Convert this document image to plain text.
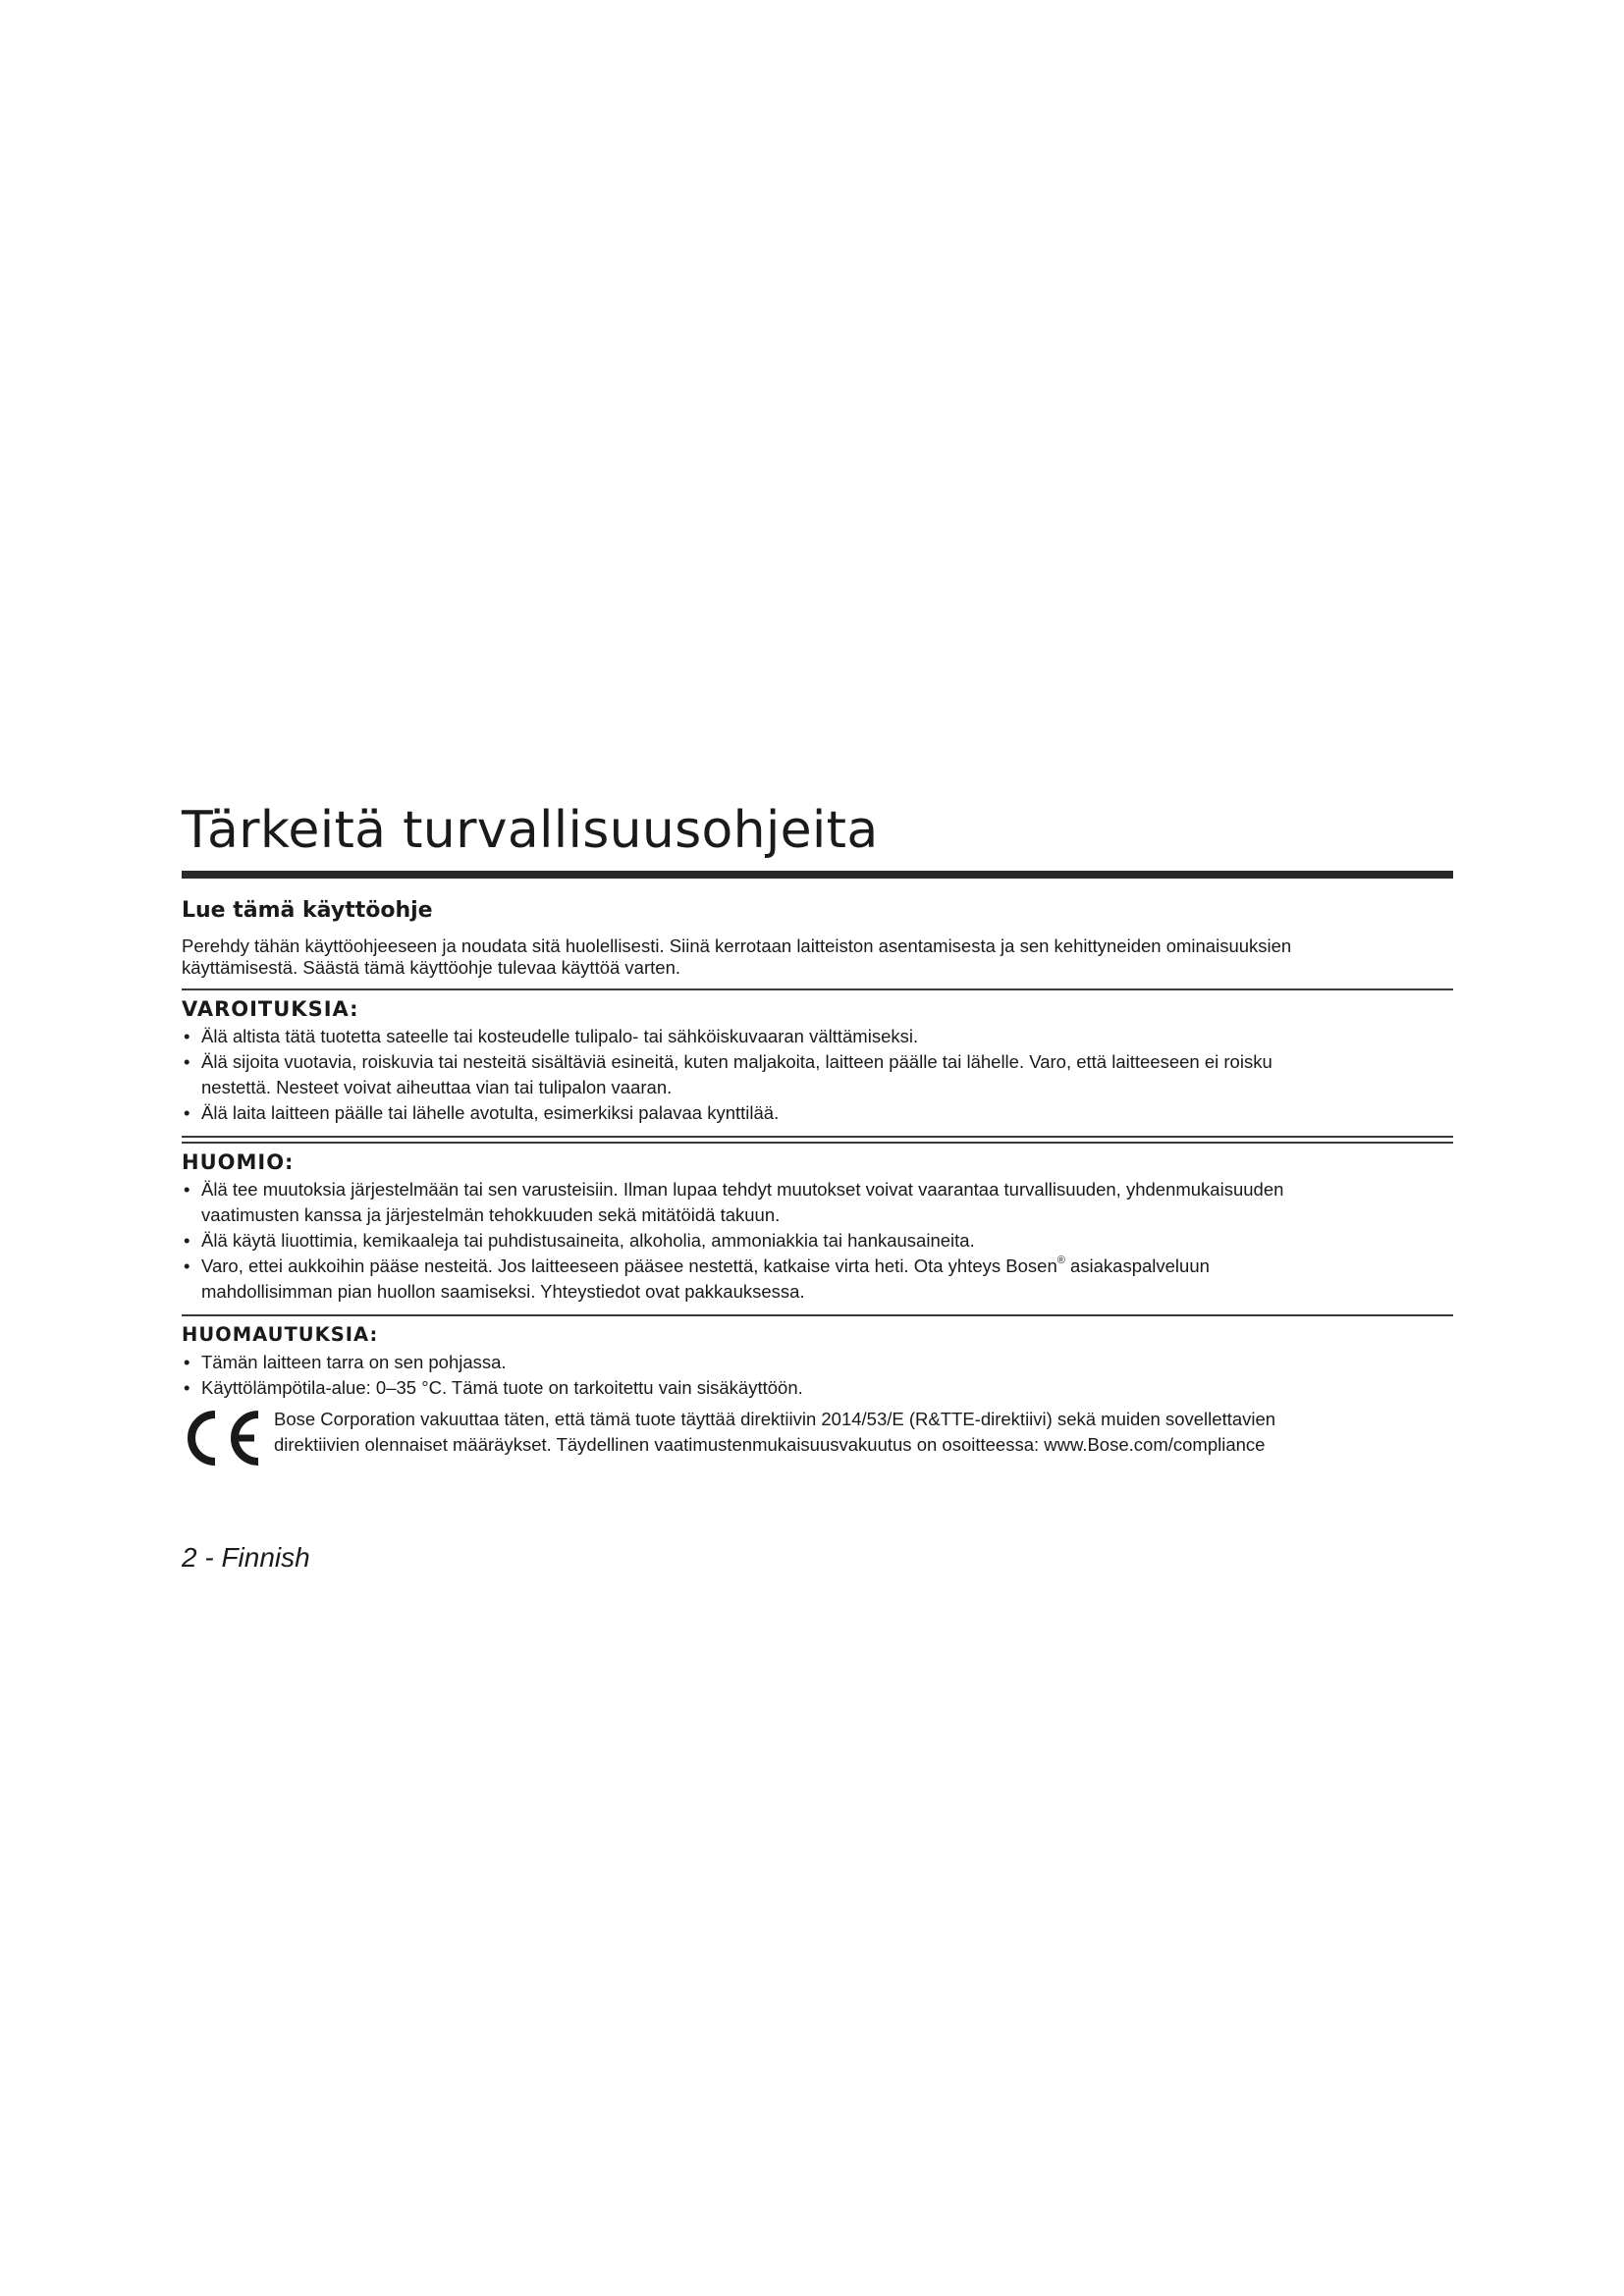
Tärkeitä turvallisuusohjeita
Lue tämä käyttöohje

Perehdy tähän käyttöohjeeseen ja noudata sitä huolellisesti. Siinä kerrotaan laitteiston asentamisesta ja sen kehittyneiden ominaisuuksien
käyttämisestä. Säästä tämä käyttöohje tulevaa käyttöä varten.

VAROITUKSIA:
• Älä altista tätä tuotetta sateelle tai kosteudelle tulipalo- tai sähköiskuvaaran välttämiseksi.
• Älä sijoita vuotavia, roiskuvia tai nesteitä sisältäviä esineitä, kuten maljakoita, laitteen päälle tai lähelle. Varo, että laitteeseen ei roisku
nestettä. Nesteet voivat aiheuttaa vian tai tulipalon vaaran.
• Älä laita laitteen päälle tai lähelle avotulta, esimerkiksi palavaa kynttilää.
HUOMIO:
• Älä tee muutoksia järjestelmään tai sen varusteisiin. Ilman lupaa tehdyt muutokset voivat vaarantaa turvallisuuden, yhdenmukaisuuden
vaatimusten kanssa ja järjestelmän tehokkuuden sekä mitätöidä takuun.
• Älä käytä liuottimia, kemikaaleja tai puhdistusaineita, alkoholia, ammoniakkia tai hankausaineita.
• Varo, ettei aukkoihin pääse nesteitä. Jos laitteeseen pääsee nestettä, katkaise virta heti. Ota yhteys Bosen® asiakaspalveluun
mahdollisimman pian huollon saamiseksi. Yhteystiedot ovat pakkauksessa.
HUOMAUTUKSIA:
• Tämän laitteen tarra on sen pohjassa.
• Käyttölämpötila-alue: 0–35 °C. Tämä tuote on tarkoitettu vain sisäkäyttöön.
Bose Corporation vakuuttaa täten, että tämä tuote täyttää direktiivin 2014/53/E (R&TTE-direktiivi) sekä muiden sovellettavien
direktiivien olennaiset määräykset. Täydellinen vaatimustenmukaisuusvakuutus on osoitteessa: www.Bose.com/compliance
2 - Finnish
